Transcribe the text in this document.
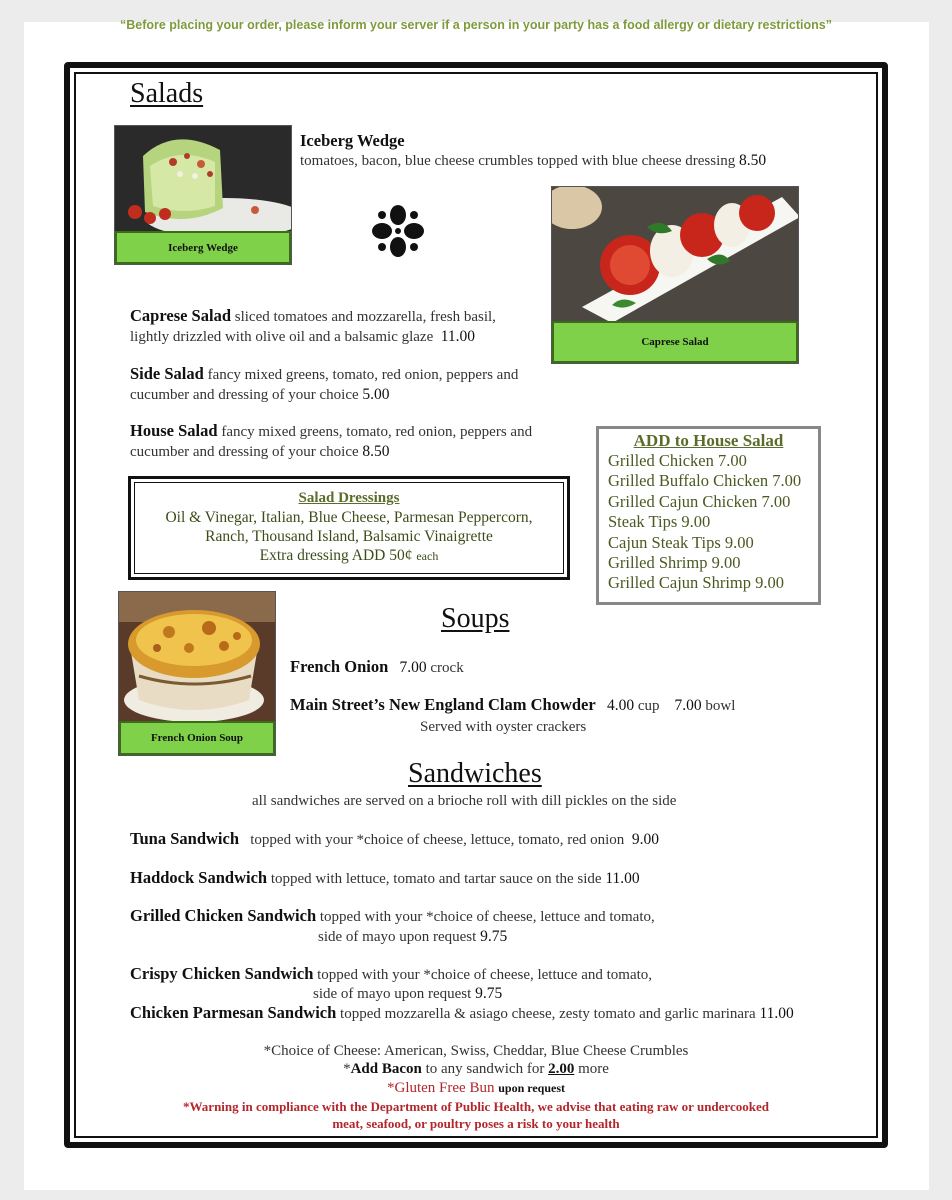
“Before placing your order, please inform your server if a person in your party has a food allergy or dietary restrictions”
Salads
Iceberg Wedge
Iceberg Wedge
tomatoes, bacon, blue cheese crumbles topped with blue cheese dressing 8.50
Caprese Salad
Caprese Salad sliced tomatoes and mozzarella, fresh basil,
lightly drizzled with olive oil and a balsamic glaze 11.00
Side Salad fancy mixed greens, tomato, red onion, peppers and
cucumber and dressing of your choice 5.00
House Salad fancy mixed greens, tomato, red onion, peppers and
cucumber and dressing of your choice 8.50
Salad Dressings
Oil & Vinegar, Italian, Blue Cheese, Parmesan Peppercorn,
Ranch, Thousand Island, Balsamic Vinaigrette
Extra dressing ADD 50¢ each
ADD to House Salad
Grilled Chicken 7.00
Grilled Buffalo Chicken 7.00
Grilled Cajun Chicken 7.00
Steak Tips 9.00
Cajun Steak Tips 9.00
Grilled Shrimp 9.00
Grilled Cajun Shrimp 9.00
French Onion Soup
Soups
French Onion 7.00 crock
Main Street’s New England Clam Chowder 4.00 cup 7.00 bowl
Served with oyster crackers
Sandwiches
all sandwiches are served on a brioche roll with dill pickles on the side
Tuna Sandwich topped with your *choice of cheese, lettuce, tomato, red onion 9.00
Haddock Sandwich topped with lettuce, tomato and tartar sauce on the side 11.00
Grilled Chicken Sandwich topped with your *choice of cheese, lettuce and tomato,
side of mayo upon request 9.75
Crispy Chicken Sandwich topped with your *choice of cheese, lettuce and tomato,
side of mayo upon request 9.75
Chicken Parmesan Sandwich topped mozzarella & asiago cheese, zesty tomato and garlic marinara 11.00
*Choice of Cheese: American, Swiss, Cheddar, Blue Cheese Crumbles
*Add Bacon to any sandwich for 2.00 more
*Gluten Free Bun upon request
*Warning in compliance with the Department of Public Health, we advise that eating raw or undercooked
meat, seafood, or poultry poses a risk to your health
